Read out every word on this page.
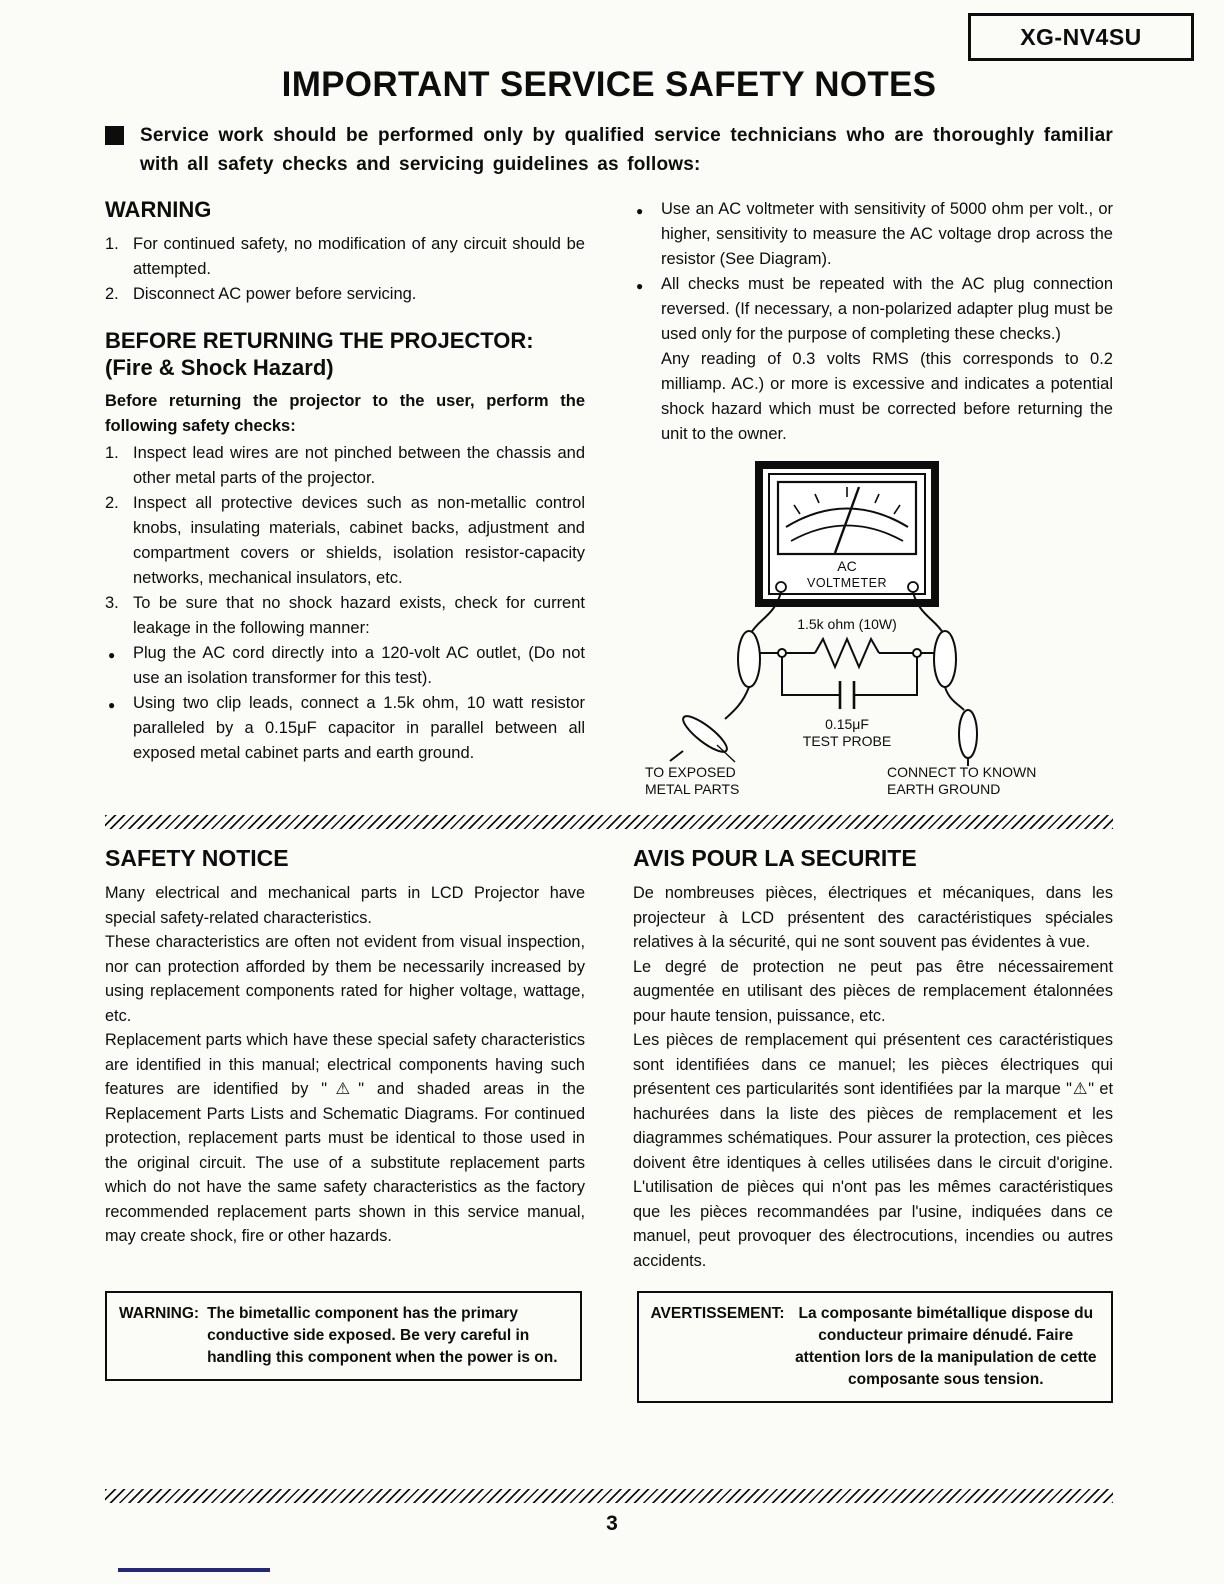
XG-NV4SU
IMPORTANT SERVICE SAFETY NOTES
Service work should be performed only by qualified service technicians who are thoroughly familiar with all safety checks and servicing guidelines as follows:
WARNING
1. For continued safety, no modification of any circuit should be attempted.
2. Disconnect AC power before servicing.
BEFORE RETURNING THE PROJECTOR:
(Fire & Shock Hazard)

Before returning the projector to the user, perform the following safety checks:

1. Inspect lead wires are not pinched between the chassis and other metal parts of the projector.
2. Inspect all protective devices such as non-metallic control knobs, insulating materials, cabinet backs, adjustment and compartment covers or shields, isolation resistor-capacity networks, mechanical insulators, etc.
3. To be sure that no shock hazard exists, check for current leakage in the following manner:
●
Plug the AC cord directly into a 120-volt AC outlet, (Do not use an isolation transformer for this test).
●
Using two clip leads, connect a 1.5k ohm, 10 watt resistor paralleled by a 0.15μF capacitor in parallel between all exposed metal cabinet parts and earth ground.
●
Use an AC voltmeter with sensitivity of 5000 ohm per volt., or higher, sensitivity to measure the AC voltage drop across the resistor (See Diagram).
●
All checks must be repeated with the AC plug connection reversed. (If necessary, a non-polarized adapter plug must be used only for the purpose of completing these checks.)

Any reading of 0.3 volts RMS (this corresponds to 0.2 milliamp. AC.) or more is excessive and indicates a potential shock hazard which must be corrected before returning the unit to the owner.

AC
VOLTMETER
1.5k ohm (10W)
0.15μF
TEST PROBE
TO EXPOSED
METAL PARTS
CONNECT TO KNOWN
EARTH GROUND
SAFETY NOTICE

Many electrical and mechanical parts in LCD Projector have special safety-related characteristics.

These characteristics are often not evident from visual inspection, nor can protection afforded by them be necessarily increased by using replacement components rated for higher voltage, wattage, etc.

Replacement parts which have these special safety characteristics are identified in this manual; electrical components having such features are identified by "⚠" and shaded areas in the Replacement Parts Lists and Schematic Diagrams. For continued protection, replacement parts must be identical to those used in the original circuit. The use of a substitute replacement parts which do not have the same safety characteristics as the factory recommended replacement parts shown in this service manual, may create shock, fire or other hazards.

AVIS POUR LA SECURITE

De nombreuses pièces, électriques et mécaniques, dans les projecteur à LCD présentent des caractéristiques spéciales relatives à la sécurité, qui ne sont souvent pas évidentes à vue.

Le degré de protection ne peut pas être nécessairement augmentée en utilisant des pièces de remplacement étalonnées pour haute tension, puissance, etc.

Les pièces de remplacement qui présentent ces caractéristiques sont identifiées dans ce manuel; les pièces électriques qui présentent ces particularités sont identifiées par la marque "⚠" et hachurées dans la liste des pièces de remplacement et les diagrammes schématiques. Pour assurer la protection, ces pièces doivent être identiques à celles utilisées dans le circuit d'origine. L'utilisation de pièces qui n'ont pas les mêmes caractéristiques que les pièces recommandées par l'usine, indiquées dans ce manuel, peut provoquer des électrocutions, incendies ou autres accidents.

WARNING: The bimetallic component has the primary conductive side exposed. Be very careful in handling this component when the power is on.
AVERTISSEMENT: La composante bimétallique dispose du conducteur primaire dénudé. Faire attention lors de la manipulation de cette composante sous tension.
3
